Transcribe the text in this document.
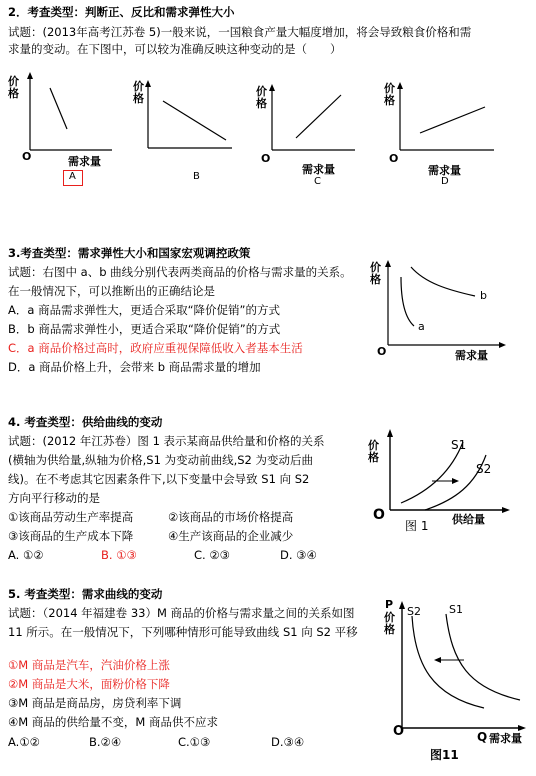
2．考查类型：判断正、反比和需求弹性大小
试题：(2013年高考江苏卷 5)一般来说，一国粮食产量大幅度增加，将会导致粮食价格和需
求量的变动。在下图中，可以较为准确反映这种变动的是（　　）
价格
O	需求量
A
价格
B
价格
O
需求量
C
价格
O
需求量
D
3.考查类型：需求弹性大小和国家宏观调控政策
试题：右图中 a、b 曲线分别代表两类商品的价格与需求量的关系。
在一般情况下，可以推断出的正确结论是
A．a 商品需求弹性大，更适合采取“降价促销”的方式
B．b 商品需求弹性小，更适合采取“降价促销”的方式
C．a 商品价格过高时，政府应重视保障低收入者基本生活
D．a 商品价格上升，会带来 b 商品需求量的增加
价格
O	需求量
a
b
4. 考查类型：供给曲线的变动
试题：(2012 年江苏卷）图 1 表示某商品供给量和价格的关系
(横轴为供给量,纵轴为价格,S1 为变动前曲线,S2 为变动后曲
线)。在不考虑其它因素条件下,以下变量中会导致 S1 向 S2
方向平行移动的是
①该商品劳动生产率提高	②该商品的市场价格提高
③该商品的生产成本下降	④生产该商品的企业减少
A. ①②	B. ①③	C. ②③	D. ③④
价格
O	供给量
S1
S2
图 1
5. 考查类型：需求曲线的变动
试题：（2014 年福建卷 33）M 商品的价格与需求量之间的关系如图
11 所示。在一般情况下，下列哪种情形可能导致曲线 S1 向 S2 平移
①M 商品是汽车，汽油价格上涨
②M 商品是大米，面粉价格下降
③M 商品是商品房，房贷利率下调
④M 商品的供给量不变，M 商品供不应求
A.①②	B.②④	C.①③	D.③④
P
价格
O	Q 需求量
S2	S1
图11
